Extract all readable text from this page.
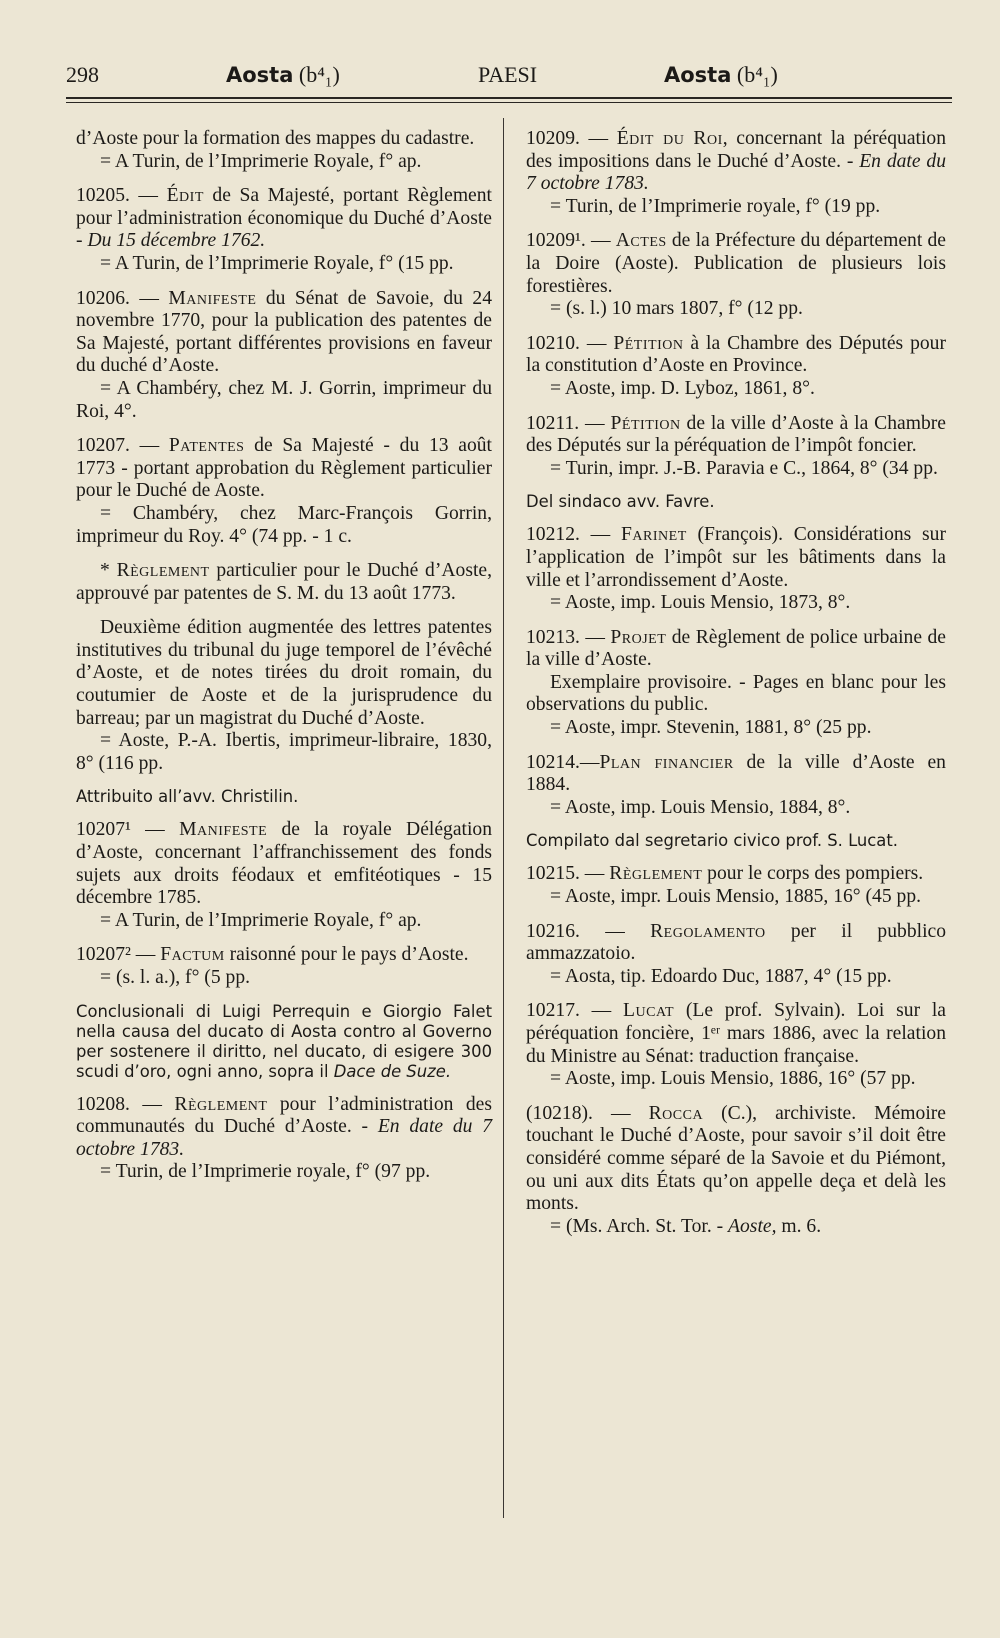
298	Aosta (b⁴₁)	PAESI	Aosta (b⁴₁)

d’Aoste pour la formation des mappes du cadastre.

= A Turin, de l’Imprimerie Royale, f° ap.

10205. — Édit de Sa Majesté, portant Règlement pour l’administration économique du Duché d’Aoste - Du 15 décembre 1762.

= A Turin, de l’Imprimerie Royale, f° (15 pp.

10206. — Manifeste du Sénat de Savoie, du 24 novembre 1770, pour la publication des patentes de Sa Majesté, portant différentes provisions en faveur du duché d’Aoste.

= A Chambéry, chez M. J. Gorrin, imprimeur du Roi, 4°.

10207. — Patentes de Sa Majesté - du 13 août 1773 - portant approbation du Règlement particulier pour le Duché de Aoste.

= Chambéry, chez Marc-François Gorrin, imprimeur du Roy. 4° (74 pp. - 1 c.

* Règlement particulier pour le Duché d’Aoste, approuvé par patentes de S. M. du 13 août 1773.

Deuxième édition augmentée des lettres patentes institutives du tribunal du juge temporel de l’évêché d’Aoste, et de notes tirées du droit romain, du coutumier de Aoste et de la jurisprudence du barreau; par un magistrat du Duché d’Aoste.

= Aoste, P.-A. Ibertis, imprimeur-libraire, 1830, 8° (116 pp.

Attribuito all’avv. Christilin.

10207¹ — Manifeste de la royale Délégation d’Aoste, concernant l’affranchissement des fonds sujets aux droits féodaux et emfitéotiques - 15 décembre 1785.

= A Turin, de l’Imprimerie Royale, f° ap.

10207² — Factum raisonné pour le pays d’Aoste.

= (s. l. a.), f° (5 pp.

Conclusionali di Luigi Perrequin e Giorgio Falet nella causa del ducato di Aosta contro al Governo per sostenere il diritto, nel ducato, di esigere 300 scudi d’oro, ogni anno, sopra il Dace de Suze.

10208. — Règlement pour l’administration des communautés du Duché d’Aoste. - En date du 7 octobre 1783.

= Turin, de l’Imprimerie royale, f° (97 pp.

10209. — Édit du Roi, concernant la péréquation des impositions dans le Duché d’Aoste. - En date du 7 octobre 1783.

= Turin, de l’Imprimerie royale, f° (19 pp.

10209¹. — Actes de la Préfecture du département de la Doire (Aoste). Publication de plusieurs lois forestières.

= (s. l.) 10 mars 1807, f° (12 pp.

10210. — Pétition à la Chambre des Députés pour la constitution d’Aoste en Province.

= Aoste, imp. D. Lyboz, 1861, 8°.

10211. — Pétition de la ville d’Aoste à la Chambre des Députés sur la péréquation de l’impôt foncier.

= Turin, impr. J.-B. Paravia e C., 1864, 8° (34 pp.

Del sindaco avv. Favre.

10212. — Farinet (François). Considérations sur l’application de l’impôt sur les bâtiments dans la ville et l’arrondissement d’Aoste.

= Aoste, imp. Louis Mensio, 1873, 8°.

10213. — Projet de Règlement de police urbaine de la ville d’Aoste.

Exemplaire provisoire. - Pages en blanc pour les observations du public.

= Aoste, impr. Stevenin, 1881, 8° (25 pp.

10214.—Plan financier de la ville d’Aoste en 1884.

= Aoste, imp. Louis Mensio, 1884, 8°.

Compilato dal segretario civico prof. S. Lucat.

10215. — Règlement pour le corps des pompiers.

= Aoste, impr. Louis Mensio, 1885, 16° (45 pp.

10216. — Regolamento per il pubblico ammazzatoio.

= Aosta, tip. Edoardo Duc, 1887, 4° (15 pp.

10217. — Lucat (Le prof. Sylvain). Loi sur la péréquation foncière, 1ᵉʳ mars 1886, avec la relation du Ministre au Sénat: traduction française.

= Aoste, imp. Louis Mensio, 1886, 16° (57 pp.

(10218). — Rocca (C.), archiviste. Mémoire touchant le Duché d’Aoste, pour savoir s’il doit être considéré comme séparé de la Savoie et du Piémont, ou uni aux dits États qu’on appelle deça et delà les monts.

= (Ms. Arch. St. Tor. - Aoste, m. 6.
